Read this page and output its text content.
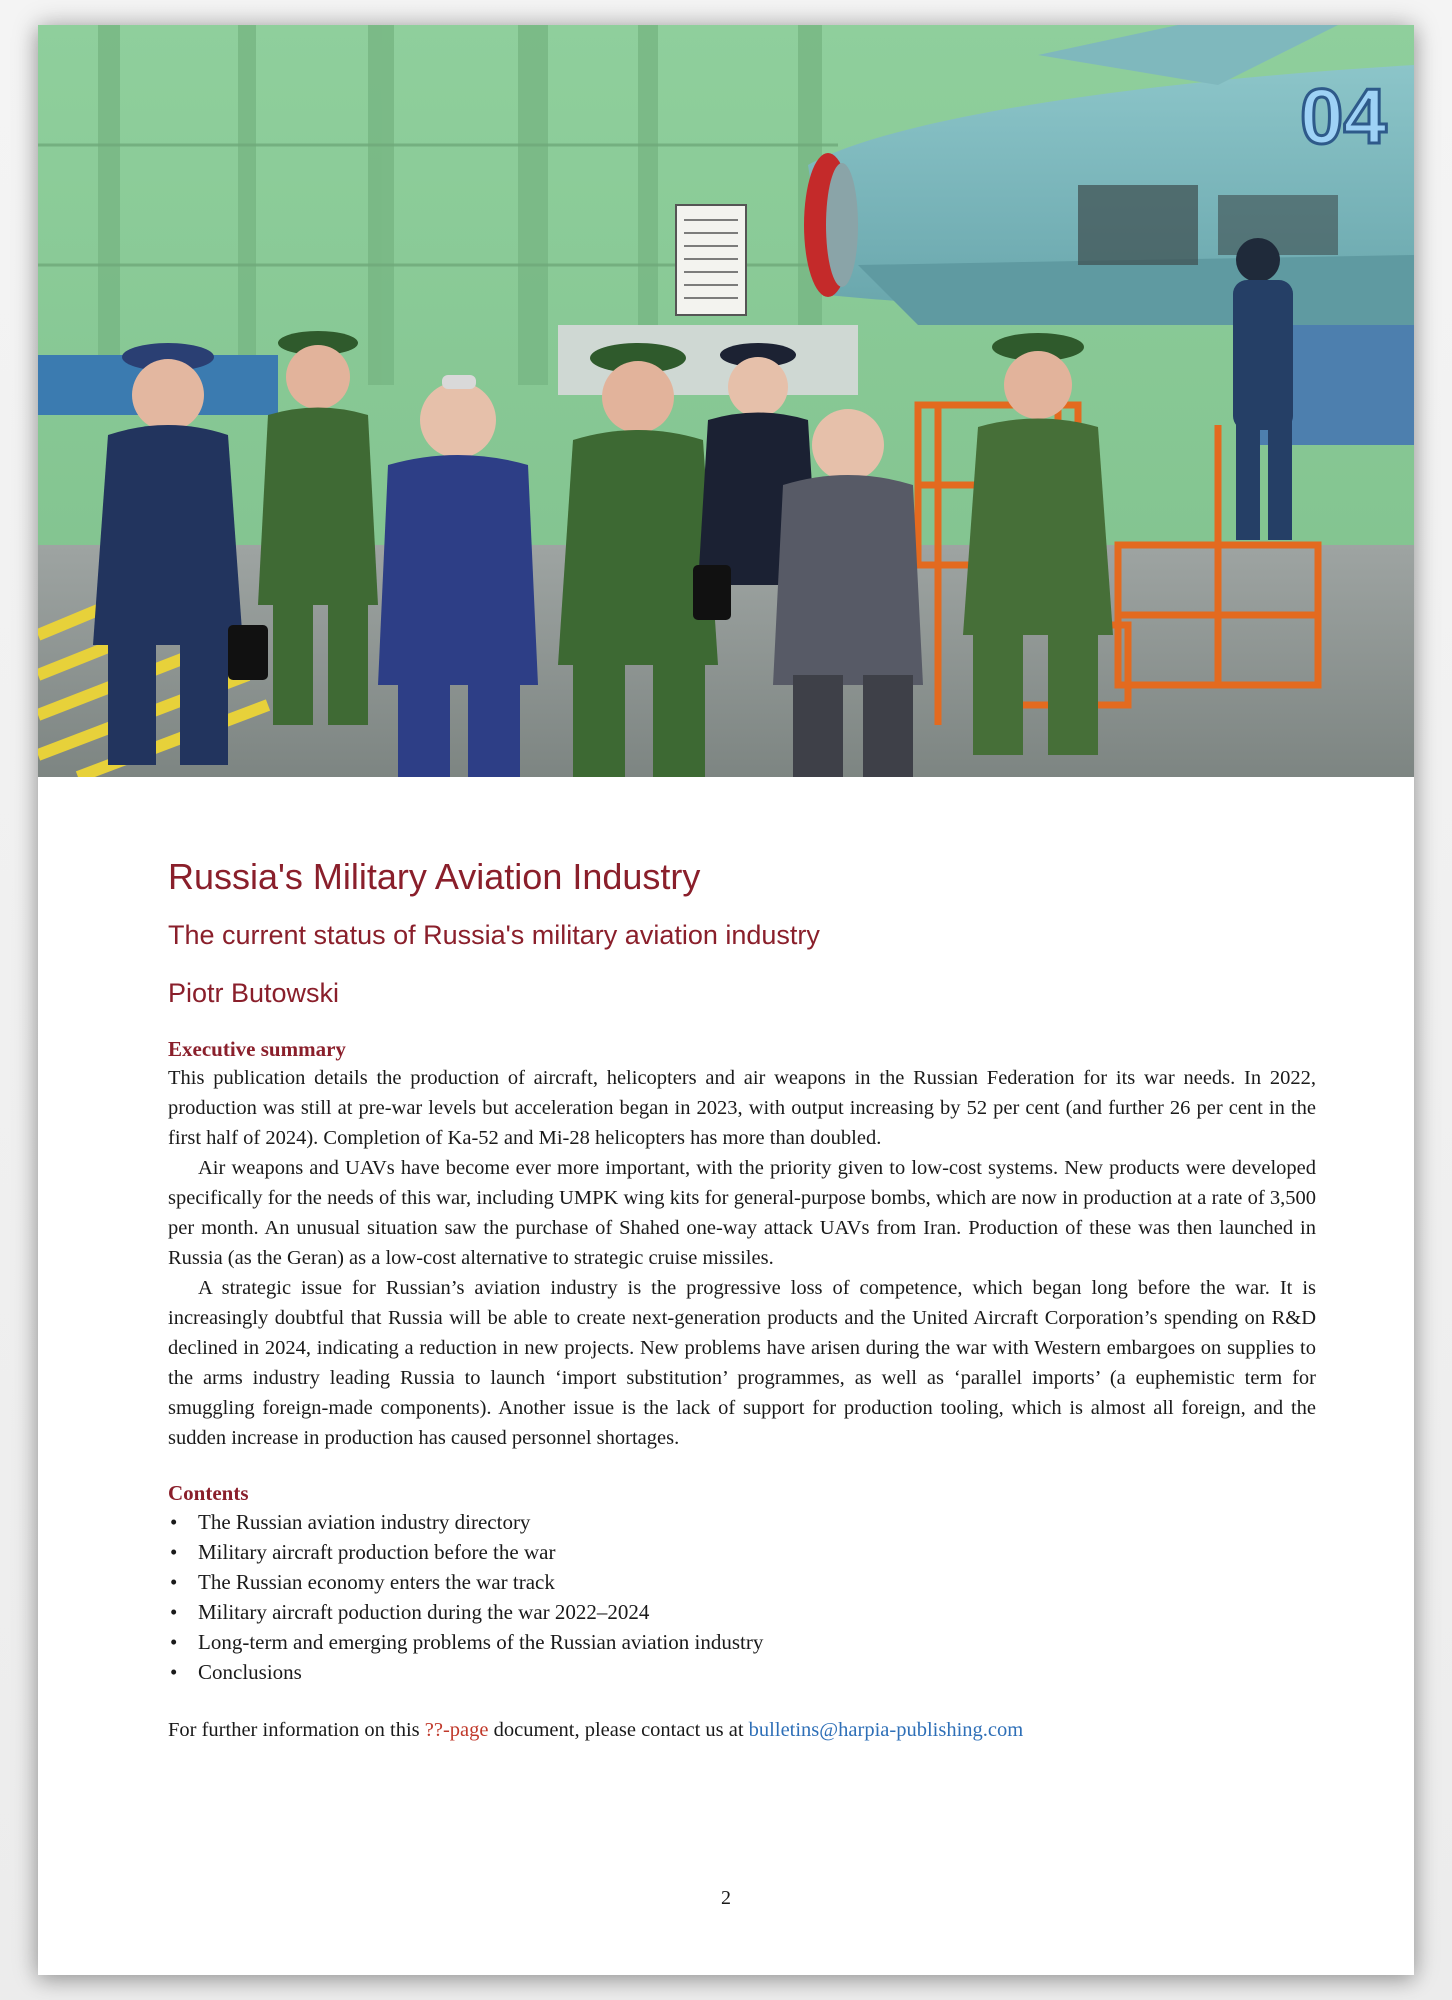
04
Russia's Military Aviation Industry
The current status of Russia's military aviation industry
Piotr Butowski
Executive summary

This publication details the production of aircraft, helicopters and air weapons in the Russian Federation for its war needs. In 2022, production was still at pre-war levels but acceleration began in 2023, with output increasing by 52 per cent (and further 26 per cent in the first half of 2024). Completion of Ka-52 and Mi-28 helicopters has more than doubled.

Air weapons and UAVs have become ever more important, with the priority given to low-cost systems. New products were developed specifically for the needs of this war, including UMPK wing kits for general-purpose bombs, which are now in production at a rate of 3,500 per month. An unusual situation saw the purchase of Shahed one-way attack UAVs from Iran. Production of these was then launched in Russia (as the Geran) as a low-cost alternative to strategic cruise missiles.

A strategic issue for Russian’s aviation industry is the progressive loss of competence, which began long before the war. It is increasingly doubtful that Russia will be able to create next-generation products and the United Aircraft Corporation’s spending on R&D declined in 2024, indicating a reduction in new projects. New problems have arisen during the war with Western embargoes on supplies to the arms industry leading Russia to launch ‘import substitution’ programmes, as well as ‘parallel imports’ (a euphemistic term for smuggling foreign-made components). Another issue is the lack of support for production tooling, which is almost all foreign, and the sudden increase in production has caused personnel shortages.

Contents
• The Russian aviation industry directory
• Military aircraft production before the war
• The Russian economy enters the war track
• Military aircraft poduction during the war 2022–2024
• Long-term and emerging problems of the Russian aviation industry
• Conclusions

For further information on this ??-page document, please contact us at bulletins@harpia-publishing.com

2
